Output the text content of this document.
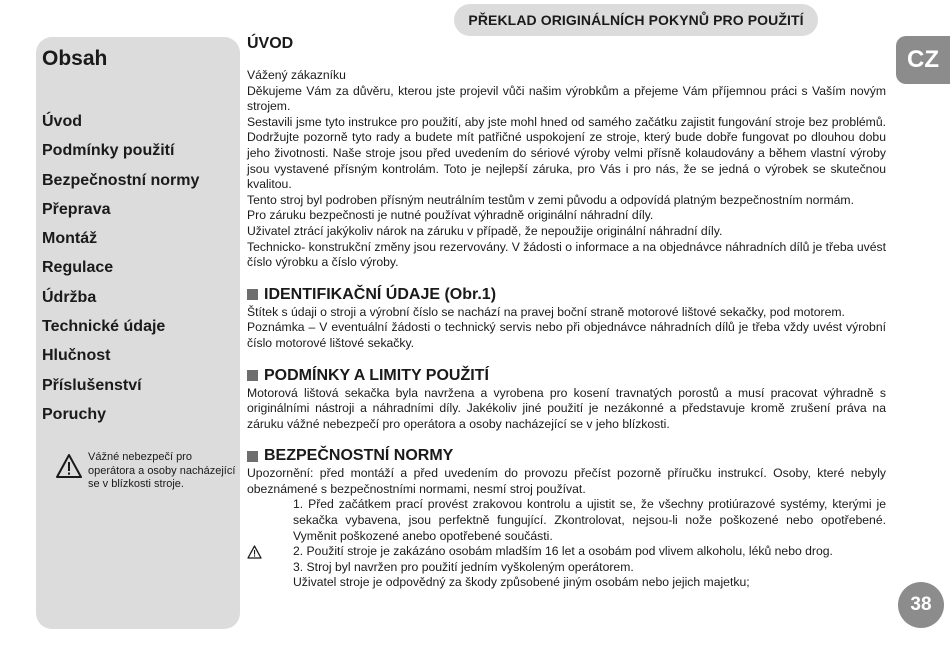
PŘEKLAD ORIGINÁLNÍCH POKYNŮ PRO POUŽITÍ
CZ
38
Obsah
Úvod
Podmínky použití
Bezpečnostní normy
Přeprava
Montáž
Regulace
Údržba
Technické údaje
Hlučnost
Příslušenství
Poruchy
Vážné nebezpečí pro operátora a osoby nacházející se v blízkosti stroje.
ÚVOD

Vážený zákazníku

Děkujeme Vám za důvěru, kterou jste projevil vůči našim výrobkům a přejeme Vám příjemnou práci s Vaším novým strojem.

Sestavili jsme tyto instrukce pro použití, aby jste mohl hned od samého začátku zajistit fungování stroje bez problémů. Dodržujte pozorně tyto rady a budete mít patřičné uspokojení ze stroje, který bude dobře fungovat po dlouhou dobu jeho životnosti. Naše stroje jsou před uvedením do sériové výroby velmi přísně kolaudovány a během vlastní výroby jsou vystavené přísným kontrolám. Toto je nejlepší záruka, pro Vás i pro nás, že se jedná o výrobek se skutečnou kvalitou.

Tento stroj byl podroben přísným neutrálním testům v zemi původu a odpovídá platným bezpečnostním normám.

Pro záruku bezpečnosti je nutné používat výhradně originální náhradní díly.

Uživatel ztrácí jakýkoliv nárok na záruku v případě, že nepoužije originální náhradní díly.

Technicko- konstrukční změny jsou rezervovány. V žádosti o informace a na objednávce náhradních dílů je třeba uvést číslo výrobku a číslo výroby.

IDENTIFIKAČNÍ ÚDAJE (Obr.1)

Štítek s údaji o stroji a výrobní číslo se nachází na pravej boční straně motorové lištové sekačky, pod motorem.

Poznámka – V eventuální žádosti o technický servis nebo při objednávce náhradních dílů je třeba vždy uvést výrobní číslo motorové lištové sekačky.

PODMÍNKY A LIMITY POUŽITÍ

Motorová lištová sekačka byla navržena a vyrobena pro kosení travnatých porostů a musí pracovat výhradně s originálními nástroji a náhradními díly. Jakékoliv jiné použití je nezákonné a představuje kromě zrušení práva na záruku vážné nebezpečí pro operátora a osoby nacházející se v jeho blízkosti.

BEZPEČNOSTNÍ NORMY

Upozornění: před montáží a před uvedením do provozu přečíst pozorně příručku instrukcí. Osoby, které nebyly obeznámené s bezpečnostními normami, nesmí stroj používat.

1. Před začátkem prací provést zrakovou kontrolu a ujistit se, že všechny protiúrazové systémy, kterými je sekačka vybavena, jsou perfektně fungující. Zkontrolovat, nejsou-li nože poškozené nebo opotřebené. Vyměnit poškozené anebo opotřebené součásti.

2. Použití stroje je zakázáno osobám mladším 16 let a osobám pod vlivem alkoholu, léků nebo drog.

3. Stroj byl navržen pro použití jedním vyškoleným operátorem.

Uživatel stroje je odpovědný za škody způsobené jiným osobám nebo jejich majetku;
